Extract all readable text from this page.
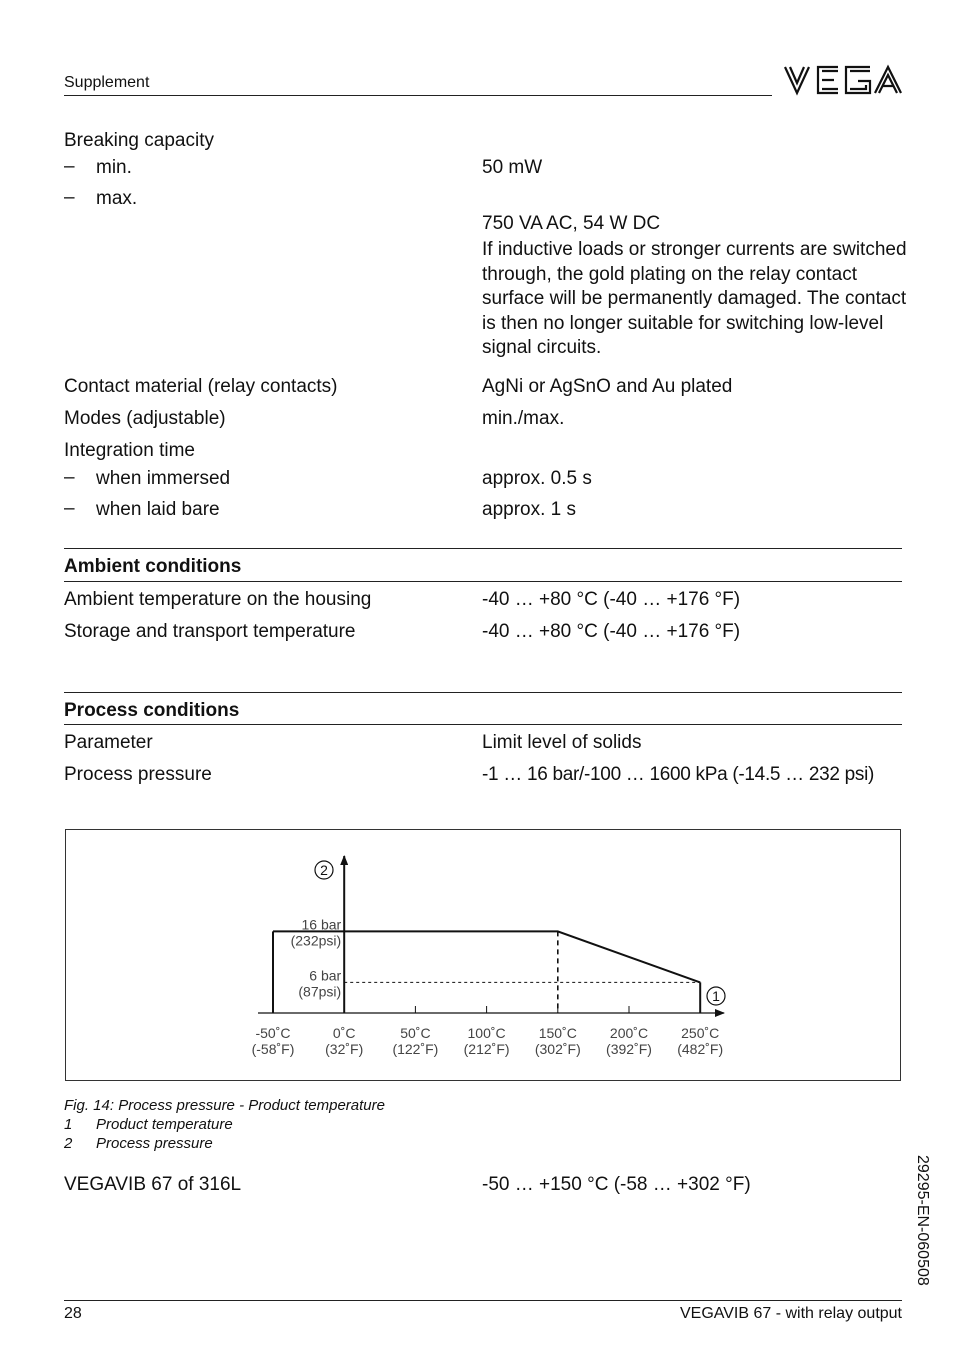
Supplement
VEGA
Breaking capacity
– min.	50 mW
– max.
750 VA AC, 54 W DC
If inductive loads or stronger currents are switched through, the gold plating on the relay contact surface will be permanently damaged. The contact is then no longer suitable for switching low-level signal circuits.
Contact material (relay contacts)	AgNi or AgSnO and Au plated
Modes (adjustable)	min./max.
Integration time
– when immersed	approx. 0.5 s
– when laid bare	approx. 1 s
Ambient conditions
Ambient temperature on the housing	-40 … +80 °C (-40 … +176 °F)
Storage and transport temperature	-40 … +80 °C (-40 … +176 °F)
Process conditions
Parameter	Limit level of solids
Process pressure	-1 … 16 bar/-100 … 1600 kPa (-14.5 … 232 psi)
-50˚C
(-58˚F)
0˚C
(32˚F)
50˚C
(122˚F)
100˚C
(212˚F)
150˚C
(302˚F)
200˚C
(392˚F)
250˚C
(482˚F)
16 bar
(232psi)
6 bar
(87psi)
2
1
Fig. 14: Process pressure - Product temperature
1 Product temperature
2 Process pressure
VEGAVIB 67 of 316L	-50 … +150 °C (-58 … +302 °F)	29295-EN-060508
28	VEGAVIB 67 - with relay output
